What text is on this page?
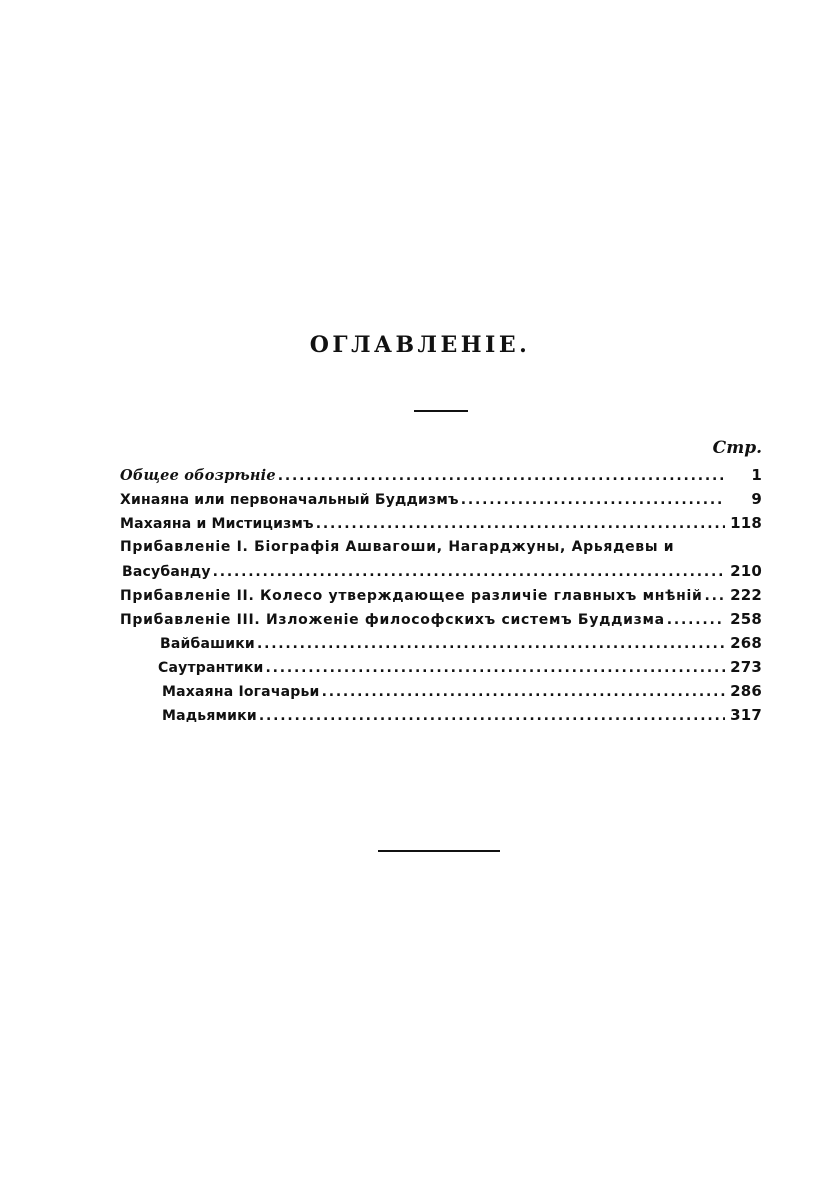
ОГЛАВЛЕНІЕ.
Стр.
Общее обозрѣніе .....	1
Хинаяна или первоначальный Буддизмъ .....	9
Махаяна и Мистицизмъ .....	118
Прибавленіе I. Біографія Ашвагоши, Нагарджуны, Арьядевы и
Васубанду .....	210
Прибавленіе II. Колесо утверждающее различіе главныхъ мнѣній ..... 222
Прибавленіе III. Изложеніе философскихъ системъ Буддизма .....	258
Вайбашики .....	268
Саутрантики .....	273
Махаяна Іогачарьи .....	286
Мадьямики .....	317
